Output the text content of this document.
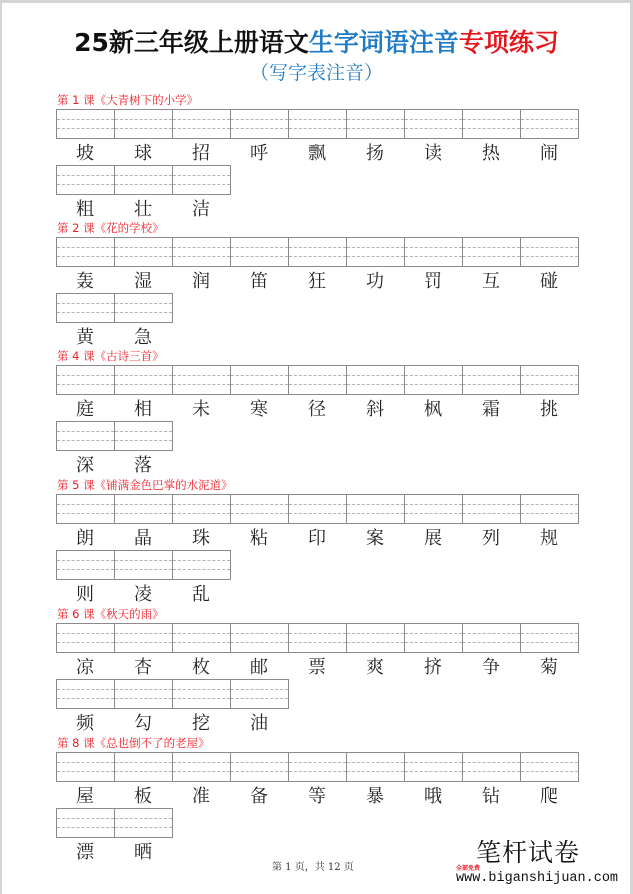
25新三年级上册语文生字词语注音专项练习
（写字表注音）
第 1 课《大青树下的小学》
坡	球	招	呼	飘	扬	读	热	闹
粗	壮	洁
第 2 课《花的学校》
轰	湿	润	笛	狂	功	罚	互	碰
黄	急
第 4 课《古诗三首》
庭	相	未	寒	径	斜	枫	霜	挑
深	落
第 5 课《铺满金色巴掌的水泥道》
朗	晶	珠	粘	印	案	展	列	规
则	凌	乱
第 6 课《秋天的雨》
凉	杏	枚	邮	票	爽	挤	争	菊
频	勾	挖	油
第 8 课《总也倒不了的老屋》
屋	板	准	备	等	暴	哦	钻	爬
漂	晒
第 1 页，共 12 页	全部免费
笔杆试卷
www.biganshijuan.com
